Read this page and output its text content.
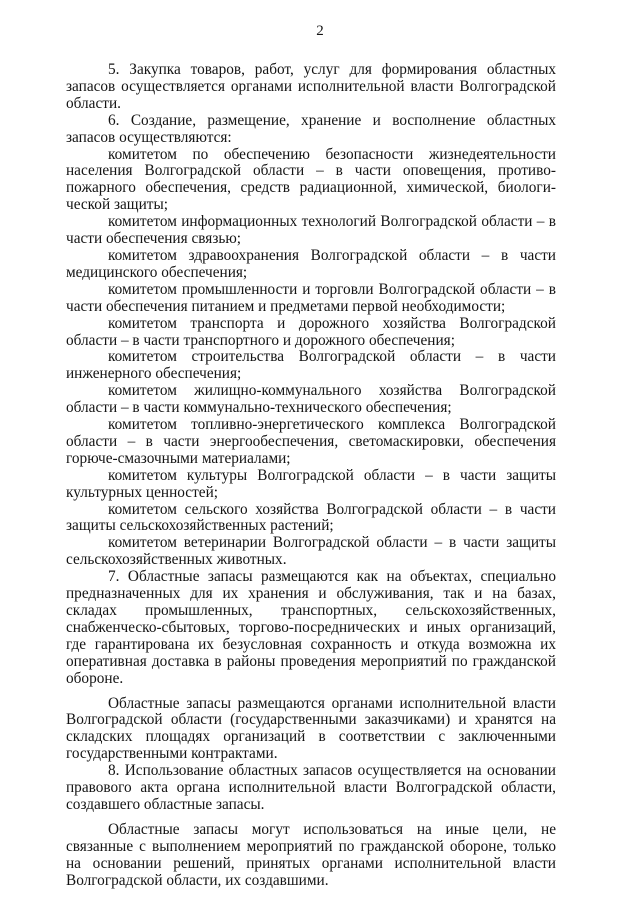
2

5. Закупка товаров, работ, услуг для формирования областных запасов осуществляется органами исполнительной власти Волгоградской области.

6. Создание, размещение, хранение и восполнение областных запасов осуществляются:

комитетом по обеспечению безопасности жизнедеятельности населения Волгоградской области – в части оповещения, противопожарного обеспечения, средств радиационной, химической, биологической защиты;

комитетом информационных технологий Волгоградской области – в части обеспечения связью;

комитетом здравоохранения Волгоградской области – в части медицинского обеспечения;

комитетом промышленности и торговли Волгоградской области – в части обеспечения питанием и предметами первой необходимости;

комитетом транспорта и дорожного хозяйства Волгоградской области – в части транспортного и дорожного обеспечения;

комитетом строительства Волгоградской области – в части инженерного обеспечения;

комитетом жилищно-коммунального хозяйства Волгоградской области – в части коммунально-технического обеспечения;

комитетом топливно-энергетического комплекса Волгоградской области – в части энергообеспечения, светомаскировки, обеспечения горюче-смазочными материалами;

комитетом культуры Волгоградской области – в части защиты культурных ценностей;

комитетом сельского хозяйства Волгоградской области – в части защиты сельскохозяйственных растений;

комитетом ветеринарии Волгоградской области – в части защиты сельскохозяйственных животных.

7. Областные запасы размещаются как на объектах, специально предназначенных для их хранения и обслуживания, так и на базах, складах промышленных, транспортных, сельскохозяйственных, снабженческо-сбытовых, торгово-посреднических и иных организаций, где гарантирована их безусловная сохранность и откуда возможна их оперативная доставка в районы проведения мероприятий по гражданской обороне.

Областные запасы размещаются органами исполнительной власти Волгоградской области (государственными заказчиками) и хранятся на складских площадях организаций в соответствии с заключенными государственными контрактами.

8. Использование областных запасов осуществляется на основании правового акта органа исполнительной власти Волгоградской области, создавшего областные запасы.

Областные запасы могут использоваться на иные цели, не связанные с выполнением мероприятий по гражданской обороне, только на основании решений, принятых органами исполнительной власти Волгоградской области, их создавшими.
